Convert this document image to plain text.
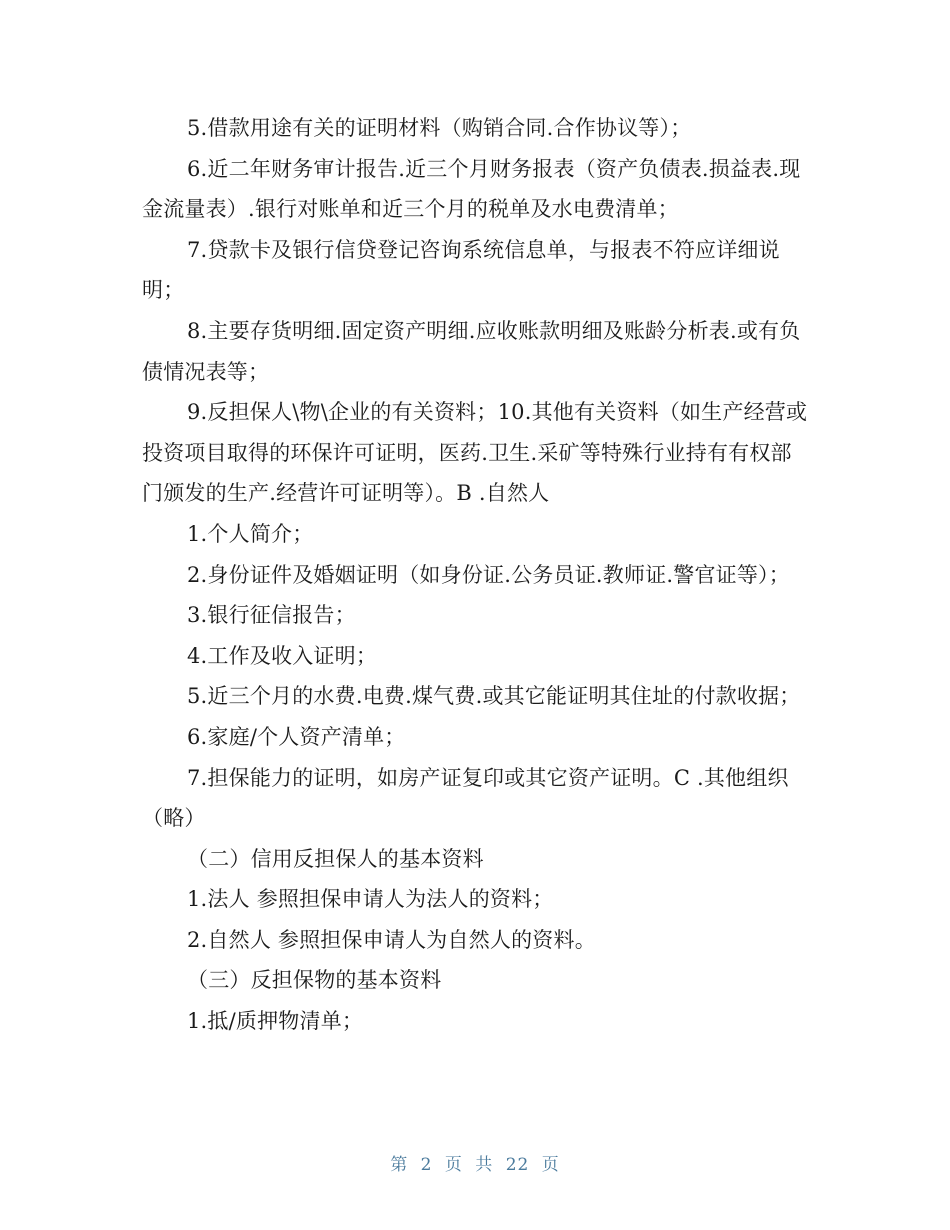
5.借款用途有关的证明材料（购销合同.合作协议等）；

6.近二年财务审计报告.近三个月财务报表（资产负债表.损益表.现金流量表）.银行对账单和近三个月的税单及水电费清单；

7.贷款卡及银行信贷登记咨询系统信息单，与报表不符应详细说明；

8.主要存货明细.固定资产明细.应收账款明细及账龄分析表.或有负债情况表等；

9.反担保人\物\企业的有关资料；10.其他有关资料（如生产经营或投资项目取得的环保许可证明，医药.卫生.采矿等特殊行业持有有权部门颁发的生产.经营许可证明等）。B .自然人

1.个人简介；

2.身份证件及婚姻证明（如身份证.公务员证.教师证.警官证等）；

3.银行征信报告；

4.工作及收入证明；

5.近三个月的水费.电费.煤气费.或其它能证明其住址的付款收据；

6.家庭/个人资产清单；

7.担保能力的证明，如房产证复印或其它资产证明。C .其他组织（略）

（二）信用反担保人的基本资料

1.法人 参照担保申请人为法人的资料；

2.自然人 参照担保申请人为自然人的资料。

（三）反担保物的基本资料

1.抵/质押物清单；

第 2 页 共 22 页
